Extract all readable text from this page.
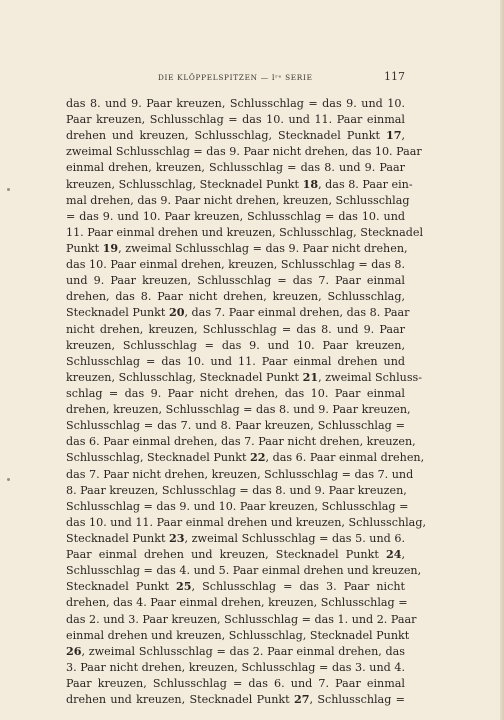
DIE KLÖPPELSPITZEN — Iʳᵉ SERIE	117
das 8. und 9. Paar kreuzen, Schlusschlag = das 9. und 10.
Paar kreuzen, Schlusschlag = das 10. und 11. Paar einmal
drehen und kreuzen, Schlusschlag, Stecknadel Punkt 17,
zweimal Schlusschlag = das 9. Paar nicht drehen, das 10. Paar
einmal drehen, kreuzen, Schlusschlag = das 8. und 9. Paar
kreuzen, Schlusschlag, Stecknadel Punkt 18, das 8. Paar ein-
mal drehen, das 9. Paar nicht drehen, kreuzen, Schlusschlag
= das 9. und 10. Paar kreuzen, Schlusschlag = das 10. und
11. Paar einmal drehen und kreuzen, Schlusschlag, Stecknadel
Punkt 19, zweimal Schlusschlag = das 9. Paar nicht drehen,
das 10. Paar einmal drehen, kreuzen, Schlusschlag = das 8.
und 9. Paar kreuzen, Schlusschlag = das 7. Paar einmal
drehen, das 8. Paar nicht drehen, kreuzen, Schlusschlag,
Stecknadel Punkt 20, das 7. Paar einmal drehen, das 8. Paar
nicht drehen, kreuzen, Schlusschlag = das 8. und 9. Paar
kreuzen, Schlusschlag = das 9. und 10. Paar kreuzen,
Schlusschlag = das 10. und 11. Paar einmal drehen und
kreuzen, Schlusschlag, Stecknadel Punkt 21, zweimal Schluss-
schlag = das 9. Paar nicht drehen, das 10. Paar einmal
drehen, kreuzen, Schlusschlag = das 8. und 9. Paar kreuzen,
Schlusschlag = das 7. und 8. Paar kreuzen, Schlusschlag =
das 6. Paar einmal drehen, das 7. Paar nicht drehen, kreuzen,
Schlusschlag, Stecknadel Punkt 22, das 6. Paar einmal drehen,
das 7. Paar nicht drehen, kreuzen, Schlusschlag = das 7. und
8. Paar kreuzen, Schlusschlag = das 8. und 9. Paar kreuzen,
Schlusschlag = das 9. und 10. Paar kreuzen, Schlusschlag =
das 10. und 11. Paar einmal drehen und kreuzen, Schlusschlag,
Stecknadel Punkt 23, zweimal Schlusschlag = das 5. und 6.
Paar einmal drehen und kreuzen, Stecknadel Punkt 24,
Schlusschlag = das 4. und 5. Paar einmal drehen und kreuzen,
Stecknadel Punkt 25, Schlusschlag = das 3. Paar nicht
drehen, das 4. Paar einmal drehen, kreuzen, Schlusschlag =
das 2. und 3. Paar kreuzen, Schlusschlag = das 1. und 2. Paar
einmal drehen und kreuzen, Schlusschlag, Stecknadel Punkt
26, zweimal Schlusschlag = das 2. Paar einmal drehen, das
3. Paar nicht drehen, kreuzen, Schlusschlag = das 3. und 4.
Paar kreuzen, Schlusschlag = das 6. und 7. Paar einmal
drehen und kreuzen, Stecknadel Punkt 27, Schlusschlag =
